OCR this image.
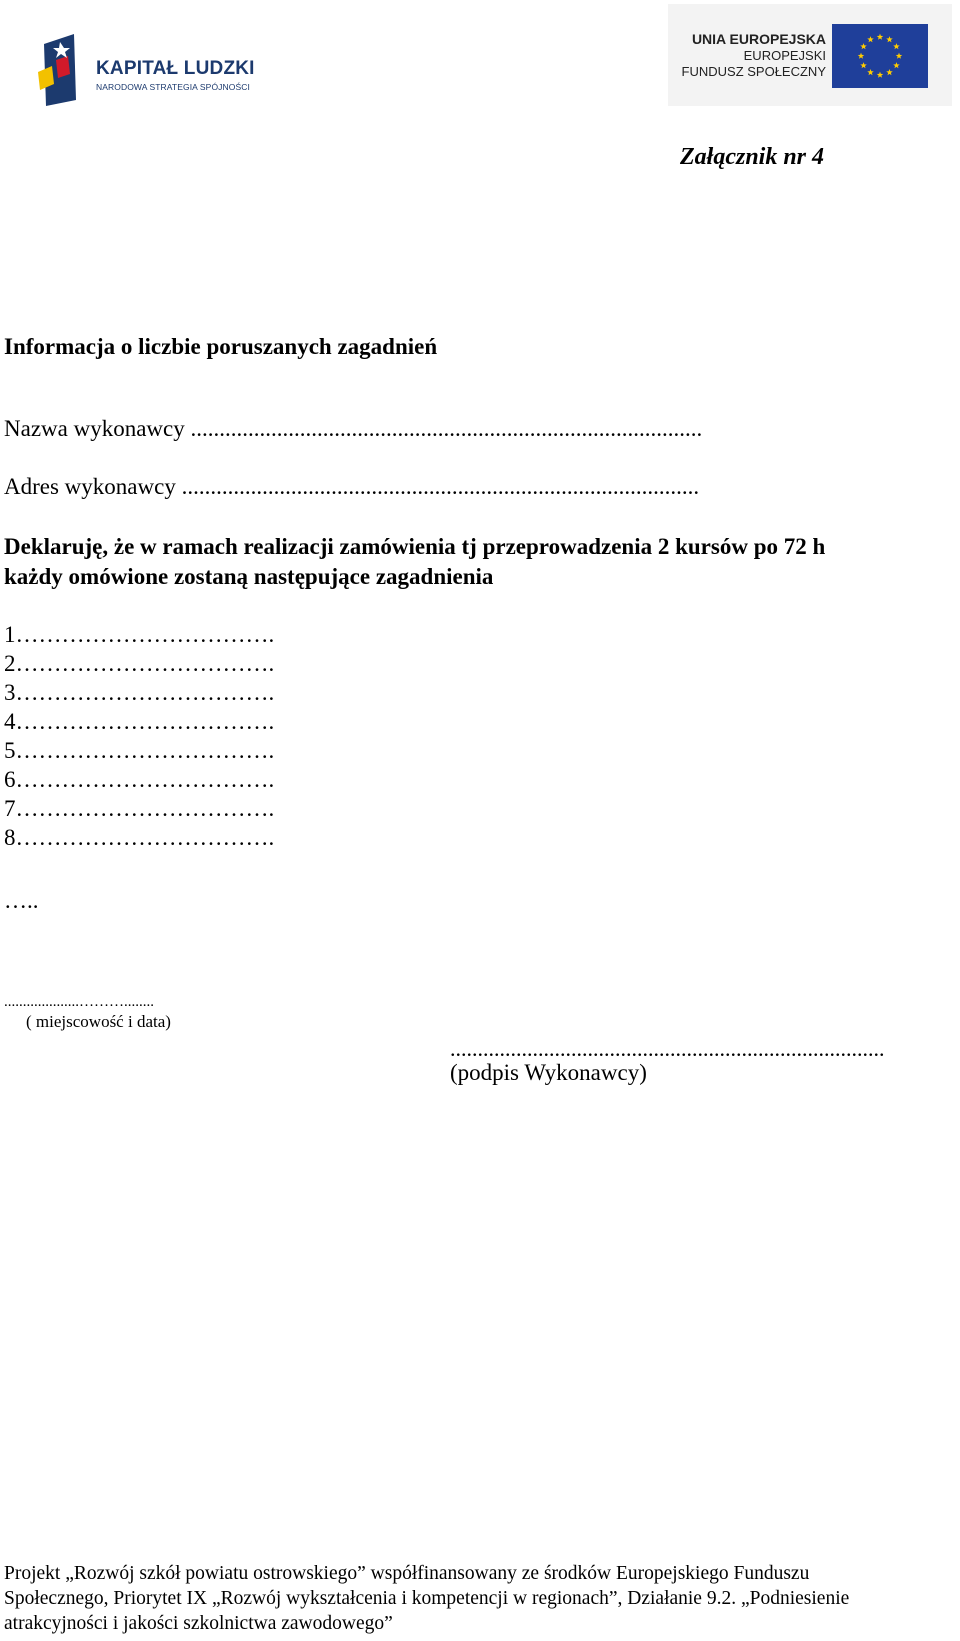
KAPITAŁ LUDZKI
NARODOWA STRATEGIA SPÓJNOŚCI
UNIA EUROPEJSKA
EUROPEJSKI
FUNDUSZ SPOŁECZNY
Załącznik nr 4
Informacja o liczbie poruszanych zagadnień
Nazwa wykonawcy .........................................................................................
Adres wykonawcy ..........................................................................................
Deklaruję, że w ramach realizacji zamówienia tj przeprowadzenia 2 kursów po 72 h
każdy omówione zostaną następujące zagadnienia
1…………………………….
2…………………………….
3…………………………….
4…………………………….
5…………………………….
6…………………………….
7…………………………….
8…………………………….
…..
....................………........
( miejscowość i data)
...............................................................................
(podpis Wykonawcy)
Projekt „Rozwój szkół powiatu ostrowskiego” współfinansowany ze środków Europejskiego Funduszu
Społecznego, Priorytet IX „Rozwój wykształcenia i kompetencji w regionach”, Działanie 9.2. „Podniesienie
atrakcyjności i jakości szkolnictwa zawodowego”
